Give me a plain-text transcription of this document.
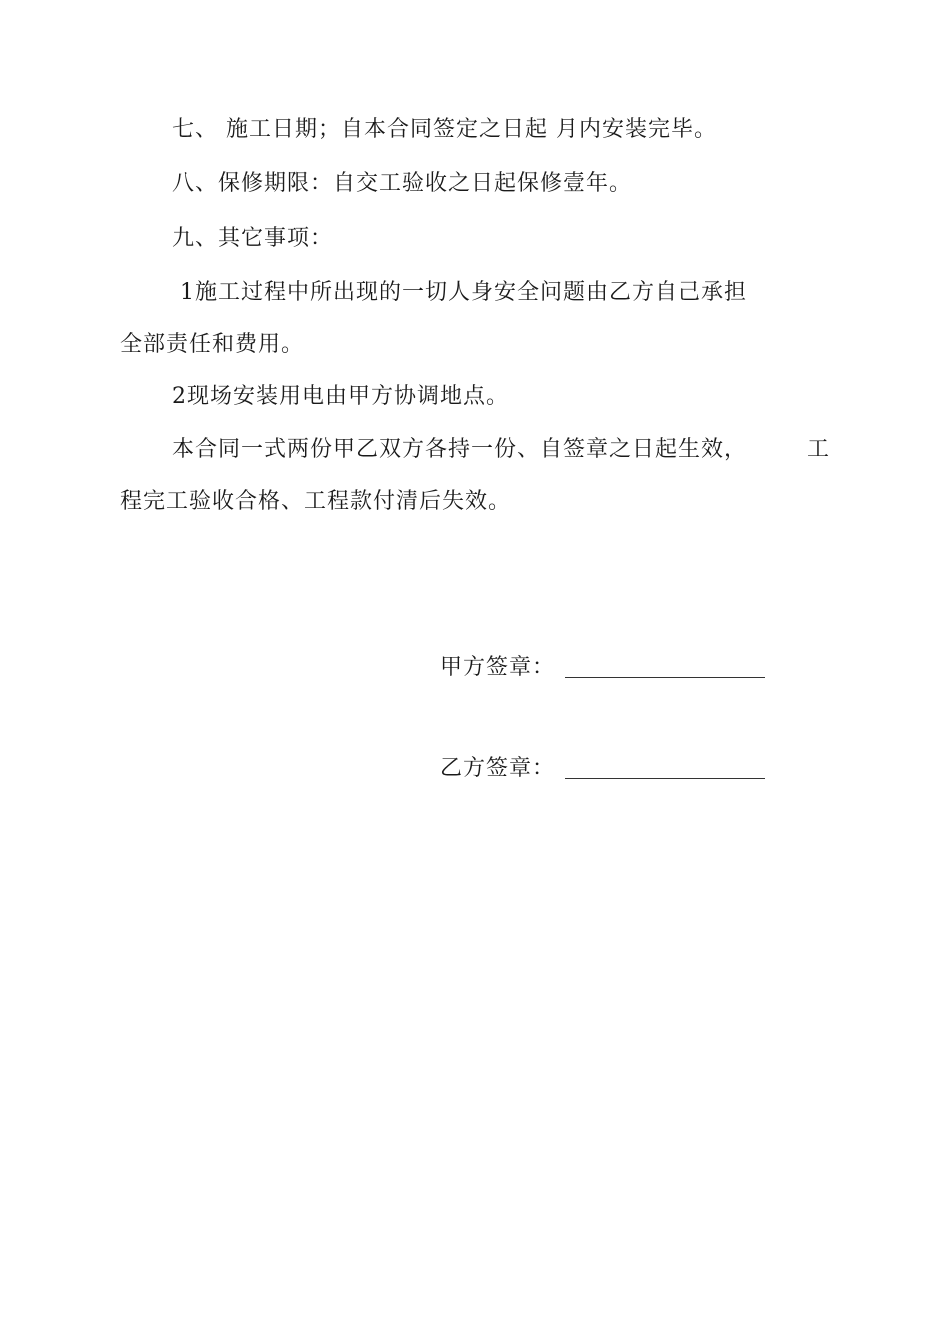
七、 施工日期；自本合同签定之日起 月内安装完毕。
八、保修期限：自交工验收之日起保修壹年。
九、其它事项：
1施工过程中所出现的一切人身安全问题由乙方自己承担
全部责任和费用。
2现场安装用电由甲方协调地点。
本合同一式两份甲乙双方各持一份、自签章之日起生效，	工
程完工验收合格、工程款付清后失效。
甲方签章：
乙方签章：
